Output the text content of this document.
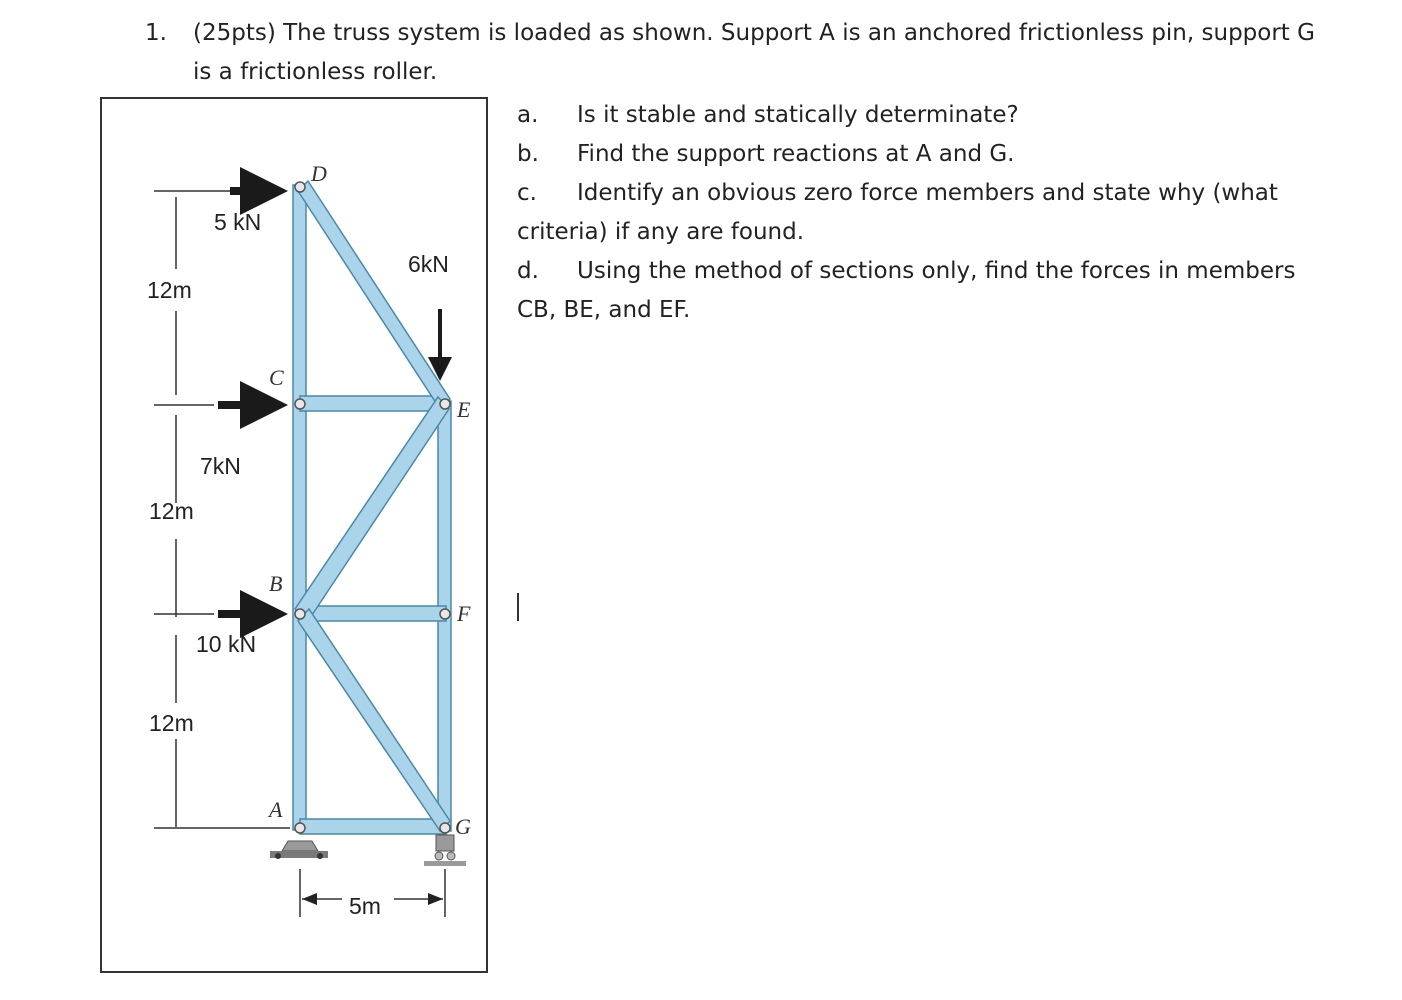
1. (25pts) The truss system is loaded as shown. Support A is an anchored frictionless pin, support G
is a frictionless roller.
5 kN
6kN
7kN
10 kN
12m
12m
12m
5m
D
C
E
B
F
A
G
a. Is it stable and statically determinate?
b. Find the support reactions at A and G.
c. Identify an obvious zero force members and state why (what
criteria) if any are found.
d. Using the method of sections only, find the forces in members
CB, BE, and EF.
